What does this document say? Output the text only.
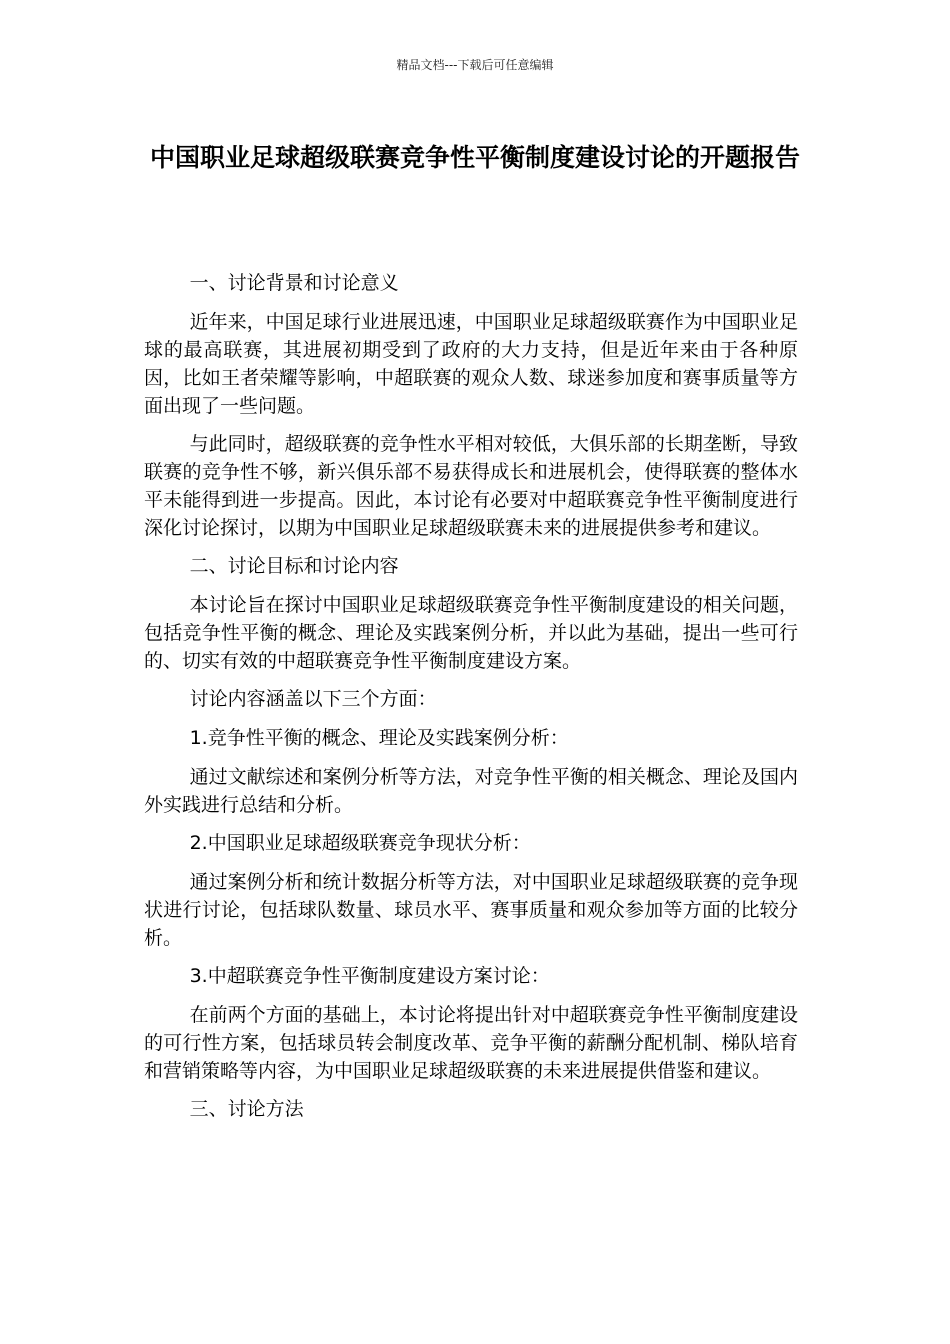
精品文档---下载后可任意编辑
中国职业足球超级联赛竞争性平衡制度建设讨论的开题报告

一、讨论背景和讨论意义

近年来，中国足球行业进展迅速，中国职业足球超级联赛作为中国职业足球的最高联赛，其进展初期受到了政府的大力支持，但是近年来由于各种原因，比如王者荣耀等影响，中超联赛的观众人数、球迷参加度和赛事质量等方面出现了一些问题。

与此同时，超级联赛的竞争性水平相对较低，大俱乐部的长期垄断，导致联赛的竞争性不够，新兴俱乐部不易获得成长和进展机会，使得联赛的整体水平未能得到进一步提高。因此，本讨论有必要对中超联赛竞争性平衡制度进行深化讨论探讨，以期为中国职业足球超级联赛未来的进展提供参考和建议。

二、讨论目标和讨论内容

本讨论旨在探讨中国职业足球超级联赛竞争性平衡制度建设的相关问题，包括竞争性平衡的概念、理论及实践案例分析，并以此为基础，提出一些可行的、切实有效的中超联赛竞争性平衡制度建设方案。

讨论内容涵盖以下三个方面：

1.竞争性平衡的概念、理论及实践案例分析：

通过文献综述和案例分析等方法，对竞争性平衡的相关概念、理论及国内外实践进行总结和分析。

2.中国职业足球超级联赛竞争现状分析：

通过案例分析和统计数据分析等方法，对中国职业足球超级联赛的竞争现状进行讨论，包括球队数量、球员水平、赛事质量和观众参加等方面的比较分析。

3.中超联赛竞争性平衡制度建设方案讨论：

在前两个方面的基础上，本讨论将提出针对中超联赛竞争性平衡制度建设的可行性方案，包括球员转会制度改革、竞争平衡的薪酬分配机制、梯队培育和营销策略等内容，为中国职业足球超级联赛的未来进展提供借鉴和建议。

三、讨论方法
